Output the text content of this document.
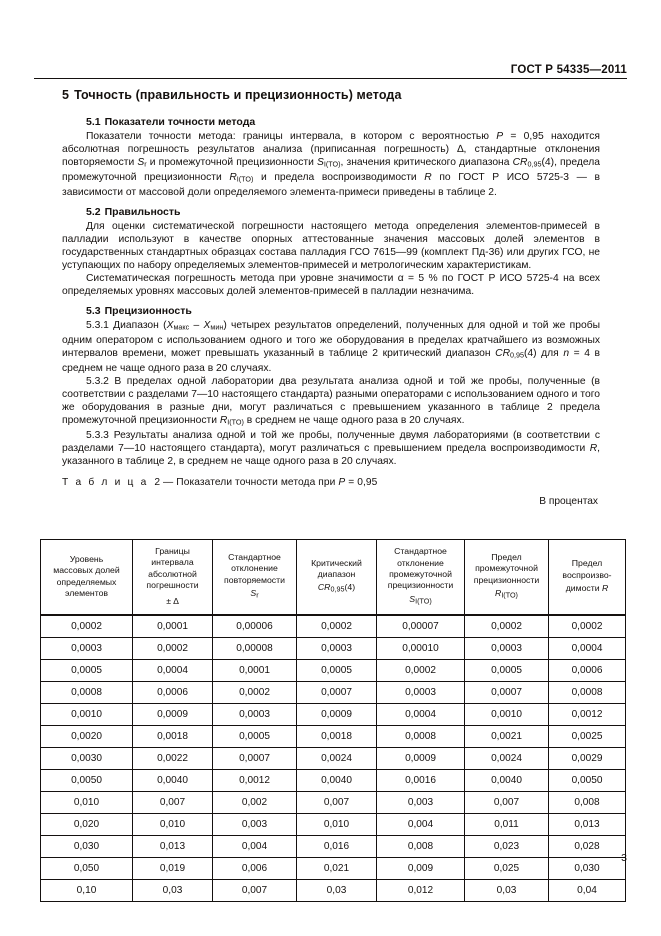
ГОСТ Р 54335—2011
5 Точность (правильность и прецизионность) метода
5.1 Показатели точности метода

Показатели точности метода: границы интервала, в котором с вероятностью P = 0,95 находится абсолютная погрешность результатов анализа (приписанная погрешность) ∆, стандартные отклонения повторяемости $S_r$ и промежуточной прецизионности $S_{I(TO)}$, значения критического диапазона $CR_{0,95}(4)$, предела промежуточной прецизионности $R_{I(TO)}$ и предела воспроизводимости R по ГОСТ Р ИСО 5725-3 — в зависимости от массовой доли определяемого элемента-примеси приведены в таблице 2.

5.2 Правильность

Для оценки систематической погрешности настоящего метода определения элементов-примесей в палладии используют в качестве опорных аттестованные значения массовых долей элементов в государственных стандартных образцах состава палладия ГСО 7615—99 (комплект Пд-36) или других ГСО, не уступающих по набору определяемых элементов-примесей и метрологическим характеристикам.

Систематическая погрешность метода при уровне значимости α = 5 % по ГОСТ Р ИСО 5725-4 на всех определяемых уровнях массовых долей элементов-примесей в палладии незначима.

5.3 Прецизионность

5.3.1 Диапазон $(X_{макс} - X_{мин})$ четырех результатов определений, полученных для одной и той же пробы одним оператором с использованием одного и того же оборудования в пределах кратчайшего из возможных интервалов времени, может превышать указанный в таблице 2 критический диапазон $CR_{0,95}(4)$ для n = 4 в среднем не чаще одного раза в 20 случаях.

5.3.2 В пределах одной лаборатории два результата анализа одной и той же пробы, полученные (в соответствии с разделами 7—10 настоящего стандарта) разными операторами с использованием одного и того же оборудования в разные дни, могут различаться с превышением указанного в таблице 2 предела промежуточной прецизионности $R_{I(TO)}$ в среднем не чаще одного раза в 20 случаях.

5.3.3 Результаты анализа одной и той же пробы, полученные двумя лабораториями (в соответствии с разделами 7—10 настоящего стандарта), могут различаться с превышением предела воспроизводимости R, указанного в таблице 2, в среднем не чаще одного раза в 20 случаях.

Т а б л и ц а 2 — Показатели точности метода при P = 0,95

В процентах
Уровень
массовых долей
определяемых
элементов	Границы
интервала
абсолютной
погрешности
± ∆	Стандартное
отклонение
повторяемости
$S_r$	Критический
диапазон
$CR_{0,95}(4)$	Стандартное
отклонение
промежуточной
прецизионности
$S_{I(TO)}$	Предел
промежуточной
прецизионности
$R_{I(TO)}$	Предел
воспроизво-
димости R
0,0002	0,0001	0,00006	0,0002	0,00007	0,0002	0,0002
0,0003	0,0002	0,00008	0,0003	0,00010	0,0003	0,0004
0,0005	0,0004	0,0001	0,0005	0,0002	0,0005	0,0006
0,0008	0,0006	0,0002	0,0007	0,0003	0,0007	0,0008
0,0010	0,0009	0,0003	0,0009	0,0004	0,0010	0,0012
0,0020	0,0018	0,0005	0,0018	0,0008	0,0021	0,0025
0,0030	0,0022	0,0007	0,0024	0,0009	0,0024	0,0029
0,0050	0,0040	0,0012	0,0040	0,0016	0,0040	0,0050
0,010	0,007	0,002	0,007	0,003	0,007	0,008
0,020	0,010	0,003	0,010	0,004	0,011	0,013
0,030	0,013	0,004	0,016	0,008	0,023	0,028
0,050	0,019	0,006	0,021	0,009	0,025	0,030
0,10	0,03	0,007	0,03	0,012	0,03	0,04
3
